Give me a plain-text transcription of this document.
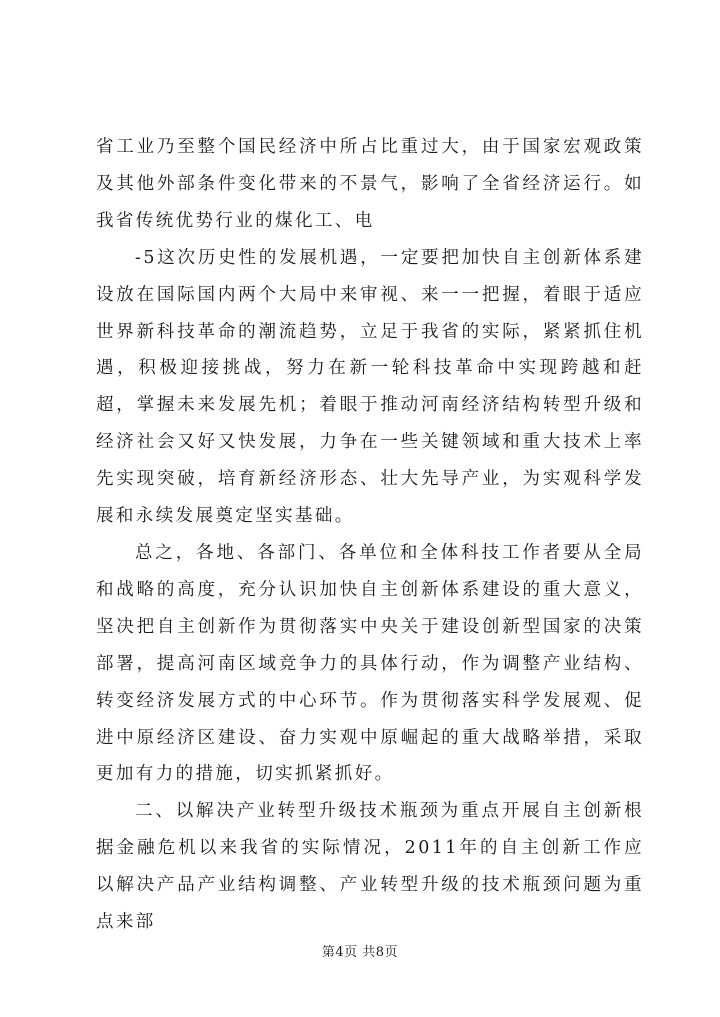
省工业乃至整个国民经济中所占比重过大，由于国家宏观政策及其他外部条件变化带来的不景气，影响了全省经济运行。如我省传统优势行业的煤化工、电

-5这次历史性的发展机遇，一定要把加快自主创新体系建设放在国际国内两个大局中来审视、来一一把握，着眼于适应世界新科技革命的潮流趋势，立足于我省的实际，紧紧抓住机遇，积极迎接挑战，努力在新一轮科技革命中实现跨越和赶超，掌握未来发展先机；着眼于推动河南经济结构转型升级和经济社会又好又快发展，力争在一些关键领域和重大技术上率先实现突破，培育新经济形态、壮大先导产业，为实观科学发展和永续发展奠定坚实基础。

总之，各地、各部门、各单位和全体科技工作者要从全局和战略的高度，充分认识加快自主创新体系建设的重大意义，坚决把自主创新作为贯彻落实中央关于建设创新型国家的决策部署，提高河南区域竞争力的具体行动，作为调整产业结构、转变经济发展方式的中心环节。作为贯彻落实科学发展观、促进中原经济区建设、奋力实观中原崛起的重大战略举措，采取更加有力的措施，切实抓紧抓好。

二、以解决产业转型升级技术瓶颈为重点开展自主创新根据金融危机以来我省的实际情况，2011年的自主创新工作应以解决产品产业结构调整、产业转型升级的技术瓶颈问题为重点来部

第4页 共8页
